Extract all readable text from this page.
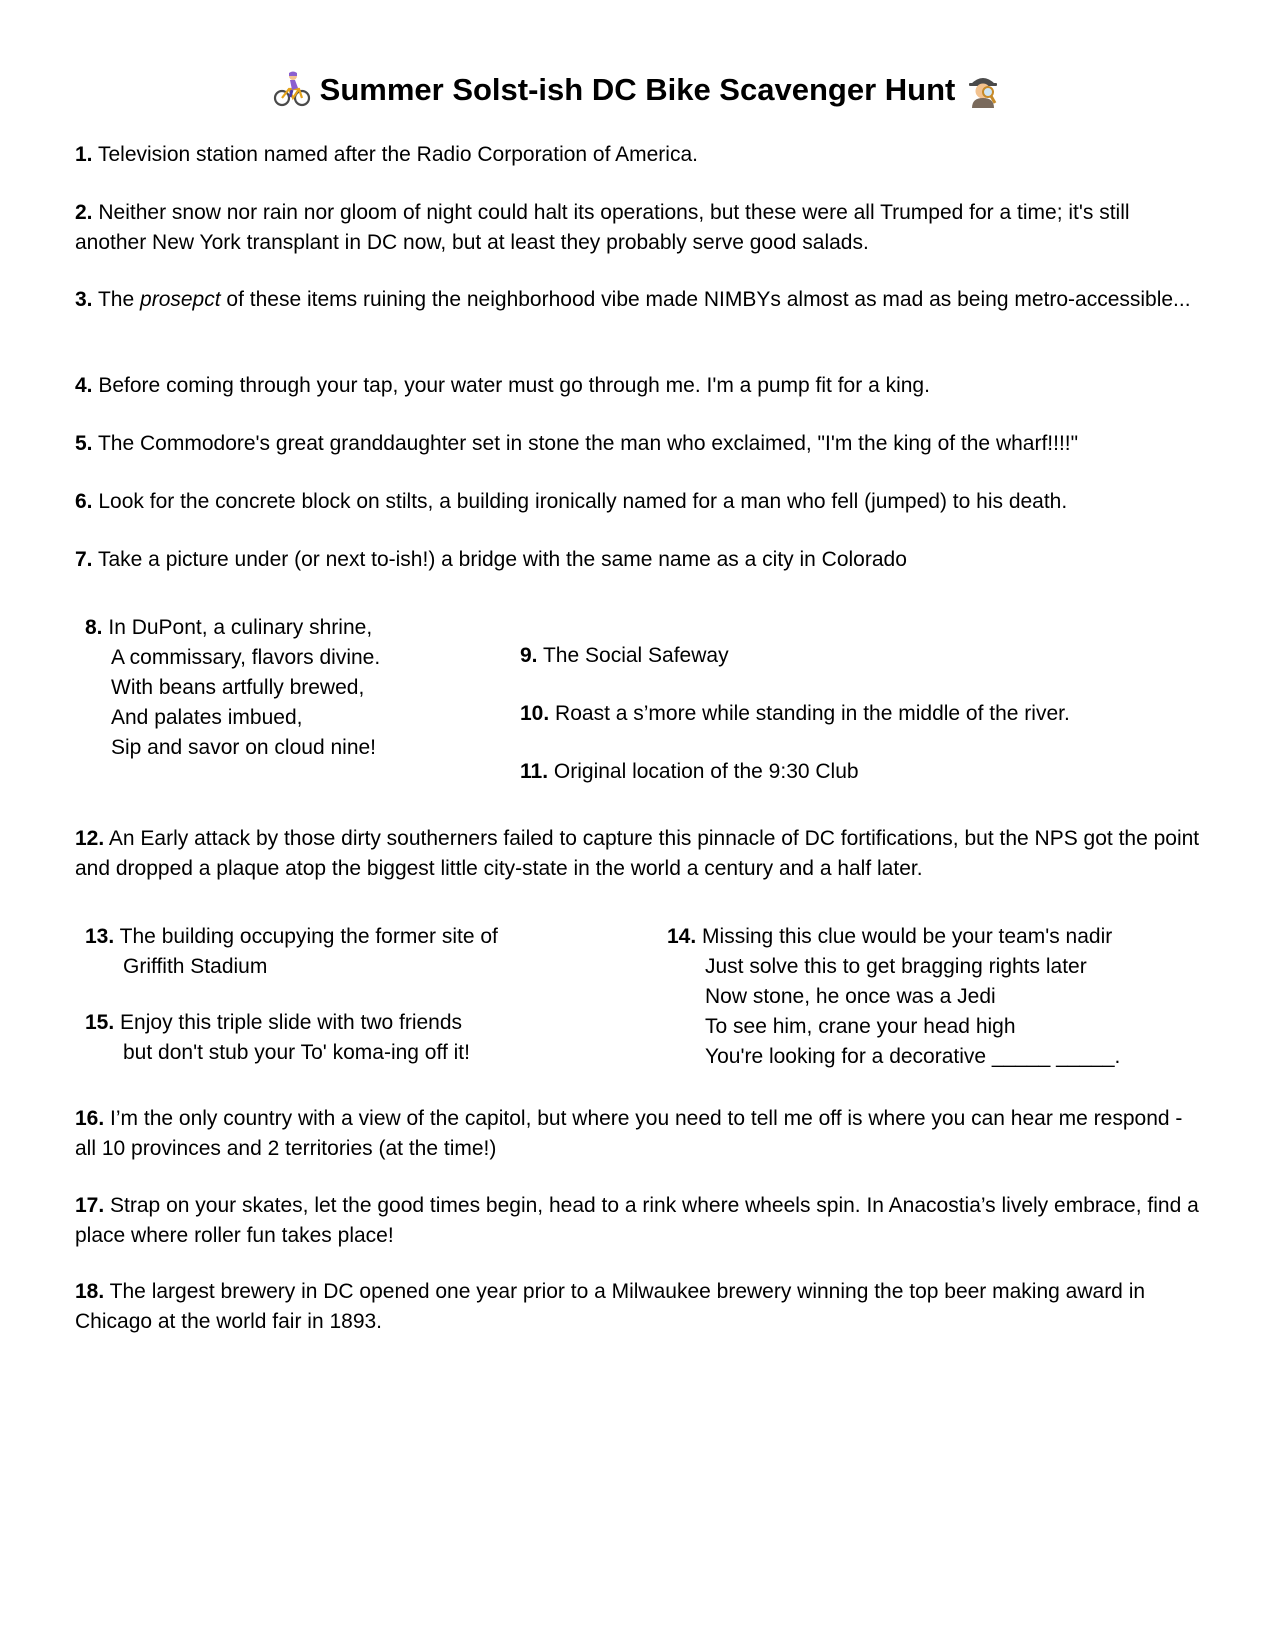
Summer Solst-ish DC Bike Scavenger Hunt
1. Television station named after the Radio Corporation of America.
2. Neither snow nor rain nor gloom of night could halt its operations, but these were all Trumped for a time; it's still another New York transplant in DC now, but at least they probably serve good salads.
3. The prosepct of these items ruining the neighborhood vibe made NIMBYs almost as mad as being metro-accessible...
4. Before coming through your tap, your water must go through me. I'm a pump fit for a king.
5. The Commodore's great granddaughter set in stone the man who exclaimed, "I'm the king of the wharf!!!!"
6. Look for the concrete block on stilts, a building ironically named for a man who fell (jumped) to his death.
7. Take a picture under (or next to-ish!) a bridge with the same name as a city in Colorado
8. In DuPont, a culinary shrine,
A commissary, flavors divine.
With beans artfully brewed,
And palates imbued,
Sip and savor on cloud nine!
9. The Social Safeway
10. Roast a s’more while standing in the middle of the river.
11. Original location of the 9:30 Club
12. An Early attack by those dirty southerners failed to capture this pinnacle of DC fortifications, but the NPS got the point and dropped a plaque atop the biggest little city-state in the world a century and a half later.
13. The building occupying the former site of
Griffith Stadium
15. Enjoy this triple slide with two friends
but don't stub your To' koma-ing off it!
14. Missing this clue would be your team's nadir
Just solve this to get bragging rights later
Now stone, he once was a Jedi
To see him, crane your head high
You're looking for a decorative _____ _____.
16. I’m the only country with a view of the capitol, but where you need to tell me off is where you can hear me respond - all 10 provinces and 2 territories (at the time!)
17. Strap on your skates, let the good times begin, head to a rink where wheels spin. In Anacostia’s lively embrace, find a place where roller fun takes place!
18. The largest brewery in DC opened one year prior to a Milwaukee brewery winning the top beer making award in Chicago at the world fair in 1893.
